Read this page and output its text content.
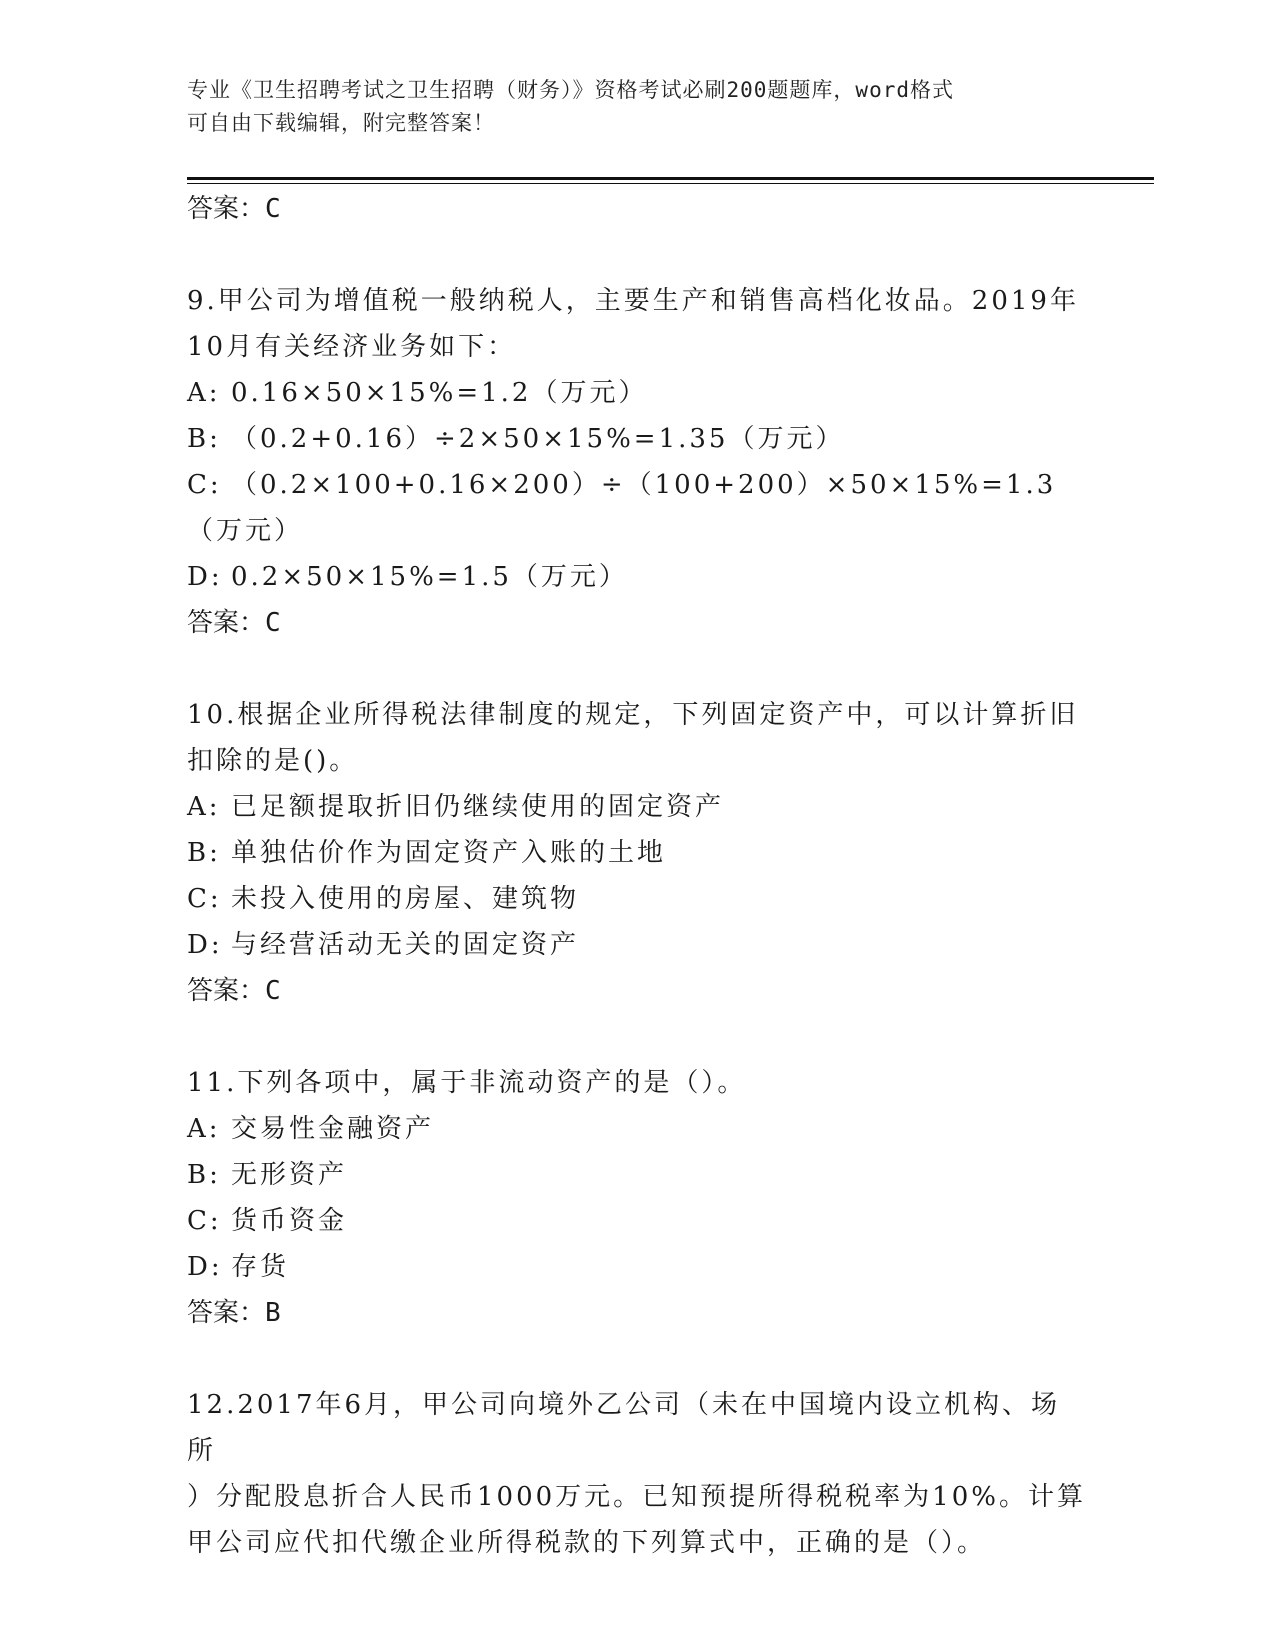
专业《卫生招聘考试之卫生招聘（财务）》资格考试必刷200题题库，word格式
可自由下载编辑，附完整答案！

答案：C

9.甲公司为增值税一般纳税人，主要生产和销售高档化妆品。2019年

10月有关经济业务如下：

A: 0.16×50×15%=1.2（万元）

B: （0.2+0.16）÷2×50×15%=1.35（万元）

C: （0.2×100+0.16×200）÷（100+200）×50×15%=1.3（万元）

D: 0.2×50×15%=1.5（万元）

答案：C

10.根据企业所得税法律制度的规定，下列固定资产中，可以计算折旧

扣除的是()。

A: 已足额提取折旧仍继续使用的固定资产

B: 单独估价作为固定资产入账的土地

C: 未投入使用的房屋、建筑物

D: 与经营活动无关的固定资产

答案：C

11.下列各项中，属于非流动资产的是（）。

A: 交易性金融资产

B: 无形资产

C: 货币资金

D: 存货

答案：B

12.2017年6月，甲公司向境外乙公司（未在中国境内设立机构、场所

）分配股息折合人民币1000万元。已知预提所得税税率为10%。计算

甲公司应代扣代缴企业所得税款的下列算式中，正确的是（）。
